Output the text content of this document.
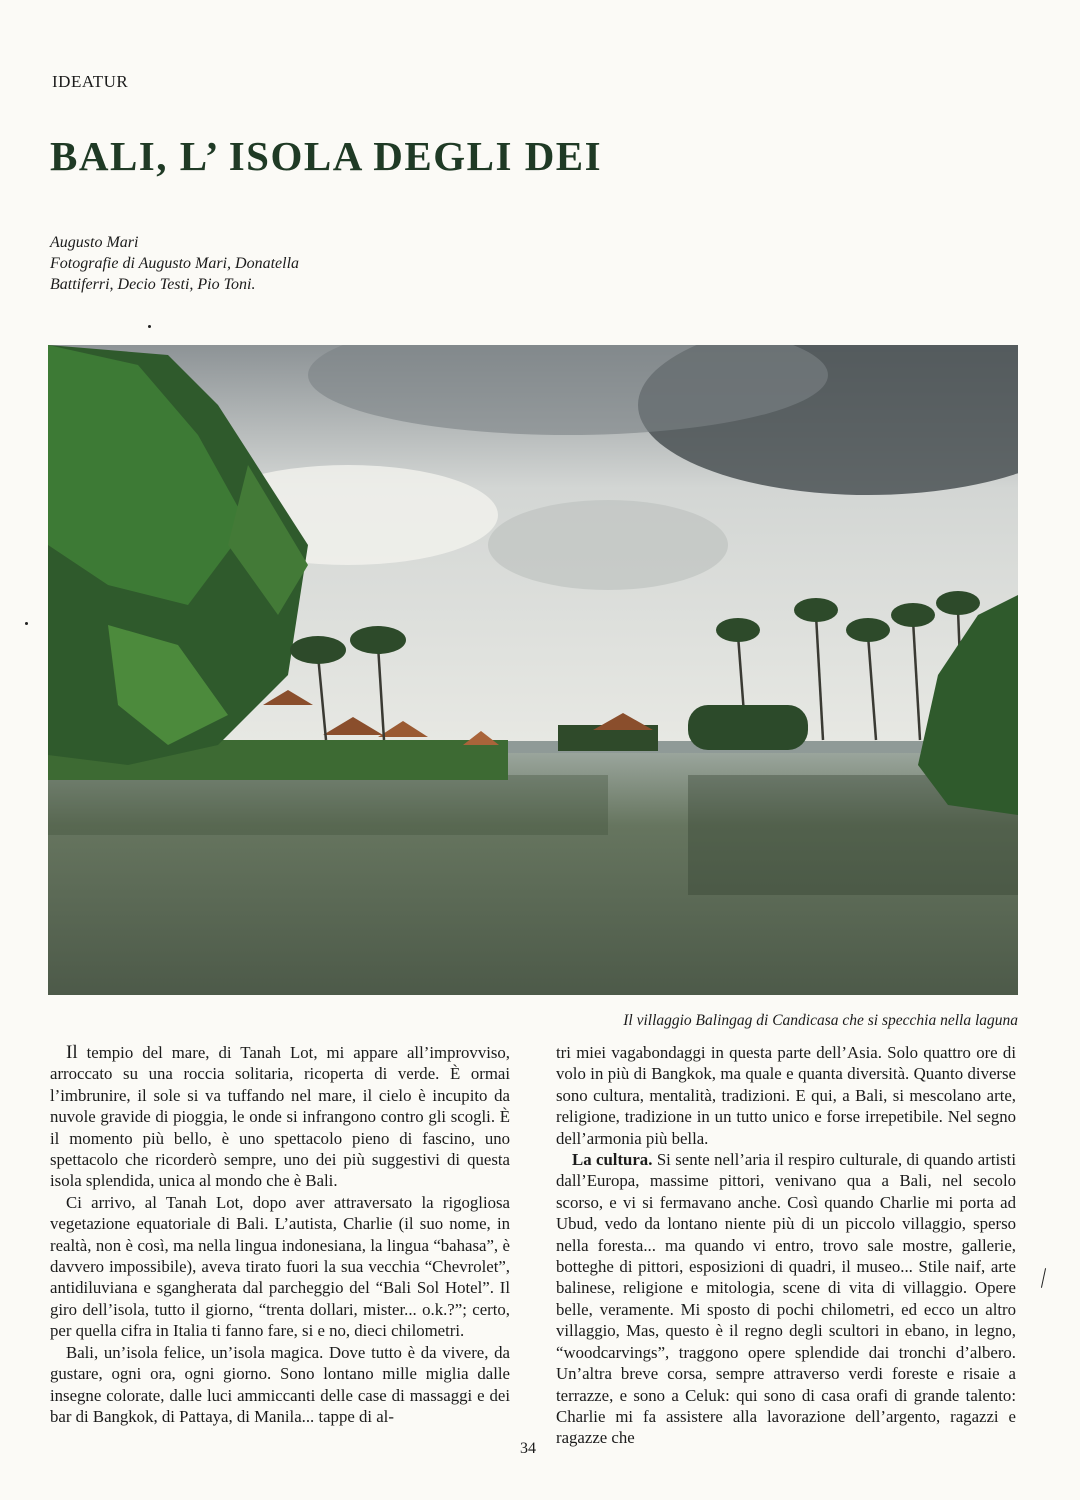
IDEATUR
BALI, L’ ISOLA DEGLI DEI
Augusto Mari
Fotografie di Augusto Mari, Donatella
Battiferri, Decio Testi, Pio Toni.
Il villaggio Balingag di Candicasa che si specchia nella laguna

Il tempio del mare, di Tanah Lot, mi appare all’improvviso, arroccato su una roccia solitaria, ricoperta di verde. È ormai l’imbrunire, il sole si va tuffando nel mare, il cielo è incupito da nuvole gravide di pioggia, le onde si infrangono contro gli scogli. È il momento più bello, è uno spettacolo pieno di fascino, uno spettacolo che ricorderò sempre, uno dei più suggestivi di questa isola splendida, unica al mondo che è Bali.

Ci arrivo, al Tanah Lot, dopo aver attraversato la rigogliosa vegetazione equatoriale di Bali. L’autista, Charlie (il suo nome, in realtà, non è così, ma nella lingua indonesiana, la lingua “bahasa”, è davvero impossibile), aveva tirato fuori la sua vecchia “Chevrolet”, antidiluviana e sgangherata dal parcheggio del “Bali Sol Hotel”. Il giro dell’isola, tutto il giorno, “trenta dollari, mister... o.k.?”; certo, per quella cifra in Italia ti fanno fare, si e no, dieci chilometri.

Bali, un’isola felice, un’isola magica. Dove tutto è da vivere, da gustare, ogni ora, ogni giorno. Sono lontano mille miglia dalle insegne colorate, dalle luci ammiccanti delle case di massaggi e dei bar di Bangkok, di Pattaya, di Manila... tappe di al-

tri miei vagabondaggi in questa parte dell’Asia. Solo quattro ore di volo in più di Bangkok, ma quale e quanta diversità. Quanto diverse sono cultura, mentalità, tradizioni. E qui, a Bali, si mescolano arte, religione, tradizione in un tutto unico e forse irrepetibile. Nel segno dell’armonia più bella.

La cultura. Si sente nell’aria il respiro culturale, di quando artisti dall’Europa, massime pittori, venivano qua a Bali, nel secolo scorso, e vi si fermavano anche. Così quando Charlie mi porta ad Ubud, vedo da lontano niente più di un piccolo villaggio, sperso nella foresta... ma quando vi entro, trovo sale mostre, gallerie, botteghe di pittori, esposizioni di quadri, il museo... Stile naif, arte balinese, religione e mitologia, scene di vita di villaggio. Opere belle, veramente. Mi sposto di pochi chilometri, ed ecco un altro villaggio, Mas, questo è il regno degli scultori in ebano, in legno, “woodcarvings”, traggono opere splendide dai tronchi d’albero. Un’altra breve corsa, sempre attraverso verdi foreste e risaie a terrazze, e sono a Celuk: qui sono di casa orafi di grande talento: Charlie mi fa assistere alla lavorazione dell’argento, ragazzi e ragazze che

34
